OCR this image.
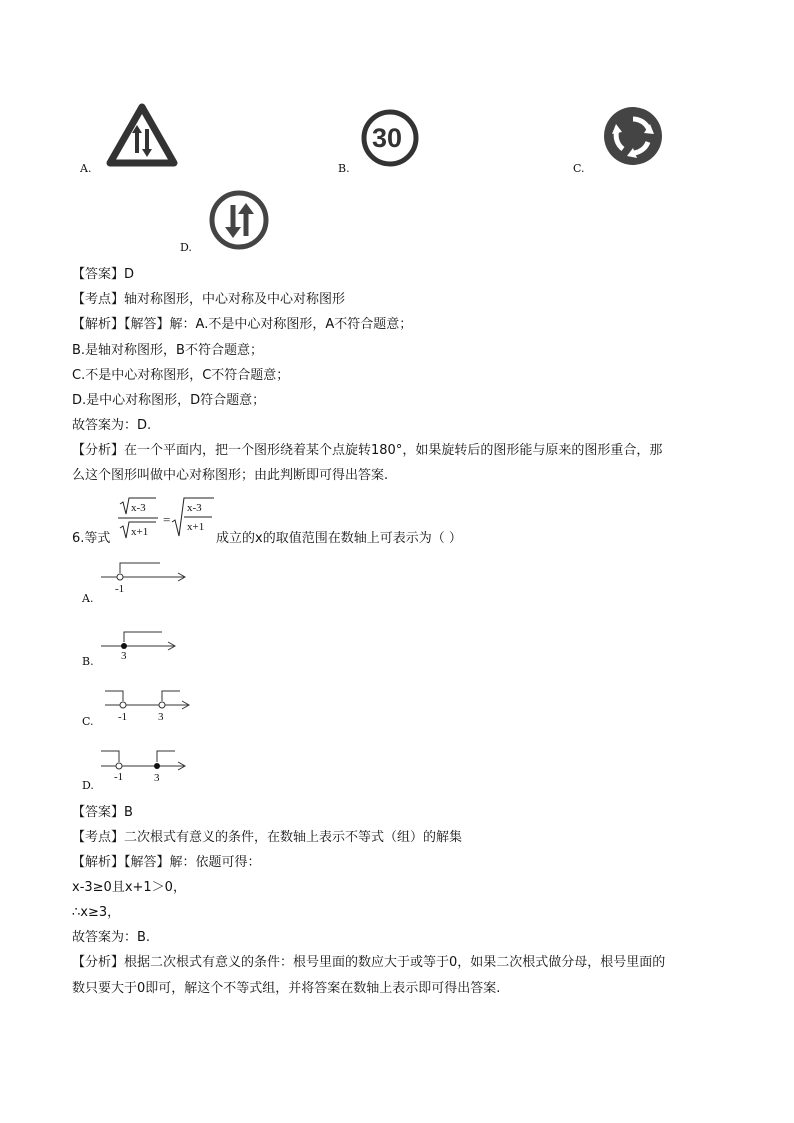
A.	B.
30
C.
D.
【答案】D
【考点】轴对称图形，中心对称及中心对称图形
【解析】【解答】解：A.不是中心对称图形，A不符合题意；
B.是轴对称图形，B不符合题意；
C.不是中心对称图形，C不符合题意；
D.是中心对称图形，D符合题意；
故答案为：D.
【分析】在一个平面内，把一个图形绕着某个点旋转180°，如果旋转后的图形能与原来的图形重合，那
么这个图形叫做中心对称图形；由此判断即可得出答案.
6.等式
x-3
x+1
=
x-3
x+1
成立的x的取值范围在数轴上可表示为（ ）
A.
-1
B. 3
C. -1	3
D.
-1	3
【答案】B
【考点】二次根式有意义的条件，在数轴上表示不等式（组）的解集
【解析】【解答】解：依题可得：
x-3≥0且x+1＞0，
∴x≥3，
故答案为：B.
【分析】根据二次根式有意义的条件：根号里面的数应大于或等于0，如果二次根式做分母，根号里面的
数只要大于0即可，解这个不等式组，并将答案在数轴上表示即可得出答案.
